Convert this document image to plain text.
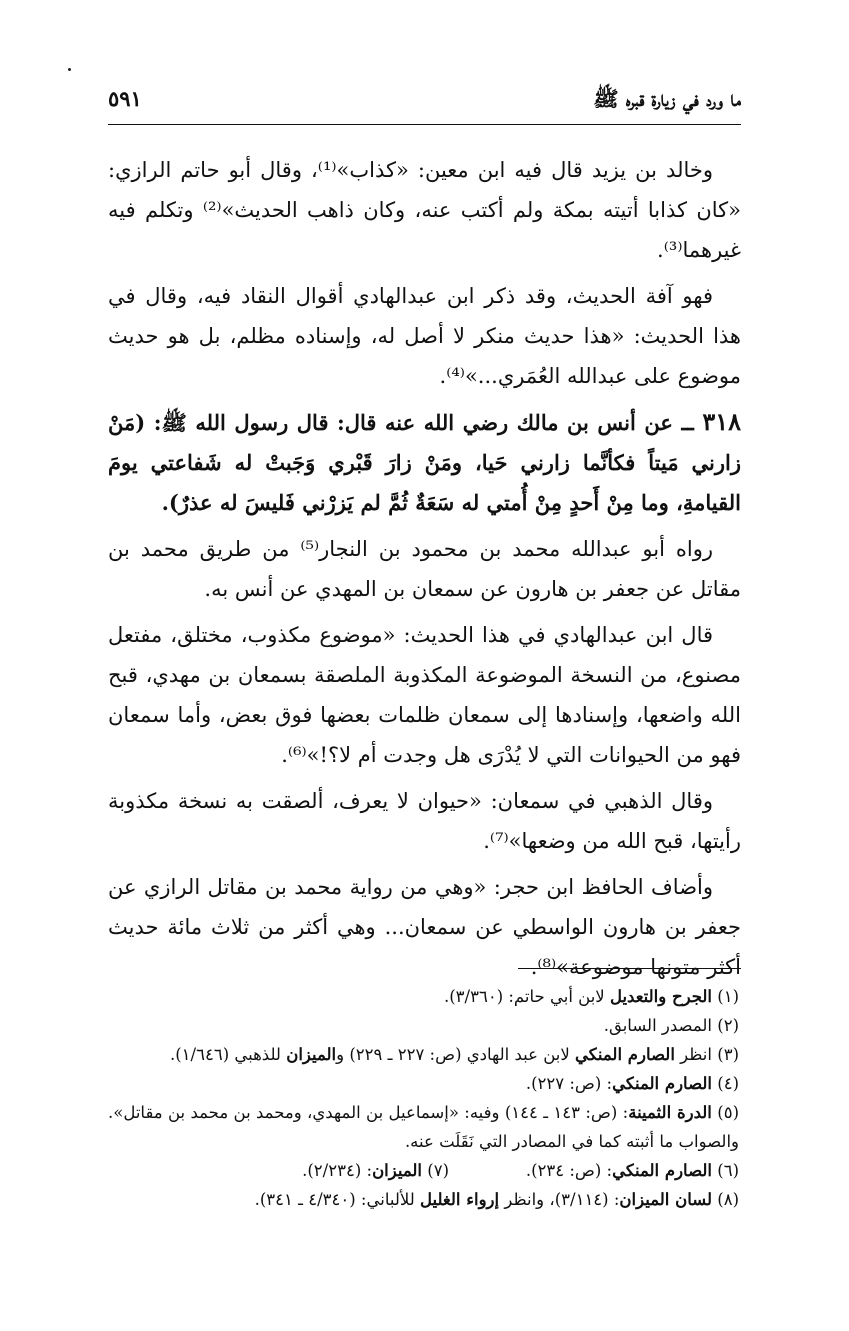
ما ورد في زيارة قبره ﷺ
٥٩١

وخالد بن يزيد قال فيه ابن معين: «كذاب»⁽¹⁾، وقال أبو حاتم الرازي: «كان كذابا أتيته بمكة ولم أكتب عنه، وكان ذاهب الحديث»⁽²⁾ وتكلم فيه غيرهما⁽³⁾.

فهو آفة الحديث، وقد ذكر ابن عبدالهادي أقوال النقاد فيه، وقال في هذا الحديث: «هذا حديث منكر لا أصل له، وإسناده مظلم، بل هو حديث موضوع على عبدالله العُمَري...»⁽⁴⁾.

٣١٨ ــ عن أنس بن مالك رضي الله عنه قال: قال رسول الله ﷺ: (مَنْ زارني مَيتاً فكأنَّما زارني حَيا، ومَنْ زارَ قَبْري وَجَبتْ له شَفاعتي يومَ القيامةِ، وما مِنْ أَحدٍ مِنْ أُمتي له سَعَةٌ ثُمَّ لم يَزرْني فَليسَ له عذرٌ).

رواه أبو عبدالله محمد بن محمود بن النجار⁽⁵⁾ من طريق محمد بن مقاتل عن جعفر بن هارون عن سمعان بن المهدي عن أنس به.

قال ابن عبدالهادي في هذا الحديث: «موضوع مكذوب، مختلق، مفتعل مصنوع، من النسخة الموضوعة المكذوبة الملصقة بسمعان بن مهدي، قبح الله واضعها، وإسنادها إلى سمعان ظلمات بعضها فوق بعض، وأما سمعان فهو من الحيوانات التي لا يُدْرَى هل وجدت أم لا؟!»⁽⁶⁾.

وقال الذهبي في سمعان: «حيوان لا يعرف، ألصقت به نسخة مكذوبة رأيتها، قبح الله من وضعها»⁽⁷⁾.

وأضاف الحافظ ابن حجر: «وهي من رواية محمد بن مقاتل الرازي عن جعفر بن هارون الواسطي عن سمعان... وهي أكثر من ثلاث مائة حديث أكثر متونها موضوعة»⁽⁸⁾.

(١) الجرح والتعديل لابن أبي حاتم: (٣/٣٦٠).

(٢) المصدر السابق.

(٣) انظر الصارم المنكي لابن عبد الهادي (ص: ٢٢٧ ـ ٢٢٩) والميزان للذهبي (١/٦٤٦).

(٤) الصارم المنكي: (ص: ٢٢٧).

(٥) الدرة الثمينة: (ص: ١٤٣ ـ ١٤٤) وفيه: «إسماعيل بن المهدي، ومحمد بن محمد بن مقاتل». والصواب ما أثبته كما في المصادر التي نَقَلَت عنه.

(٦) الصارم المنكي: (ص: ٢٣٤).

(٧) الميزان: (٢/٢٣٤).

(٨) لسان الميزان: (٣/١١٤)، وانظر إرواء الغليل للألباني: (٤/٣٤٠ ـ ٣٤١).
